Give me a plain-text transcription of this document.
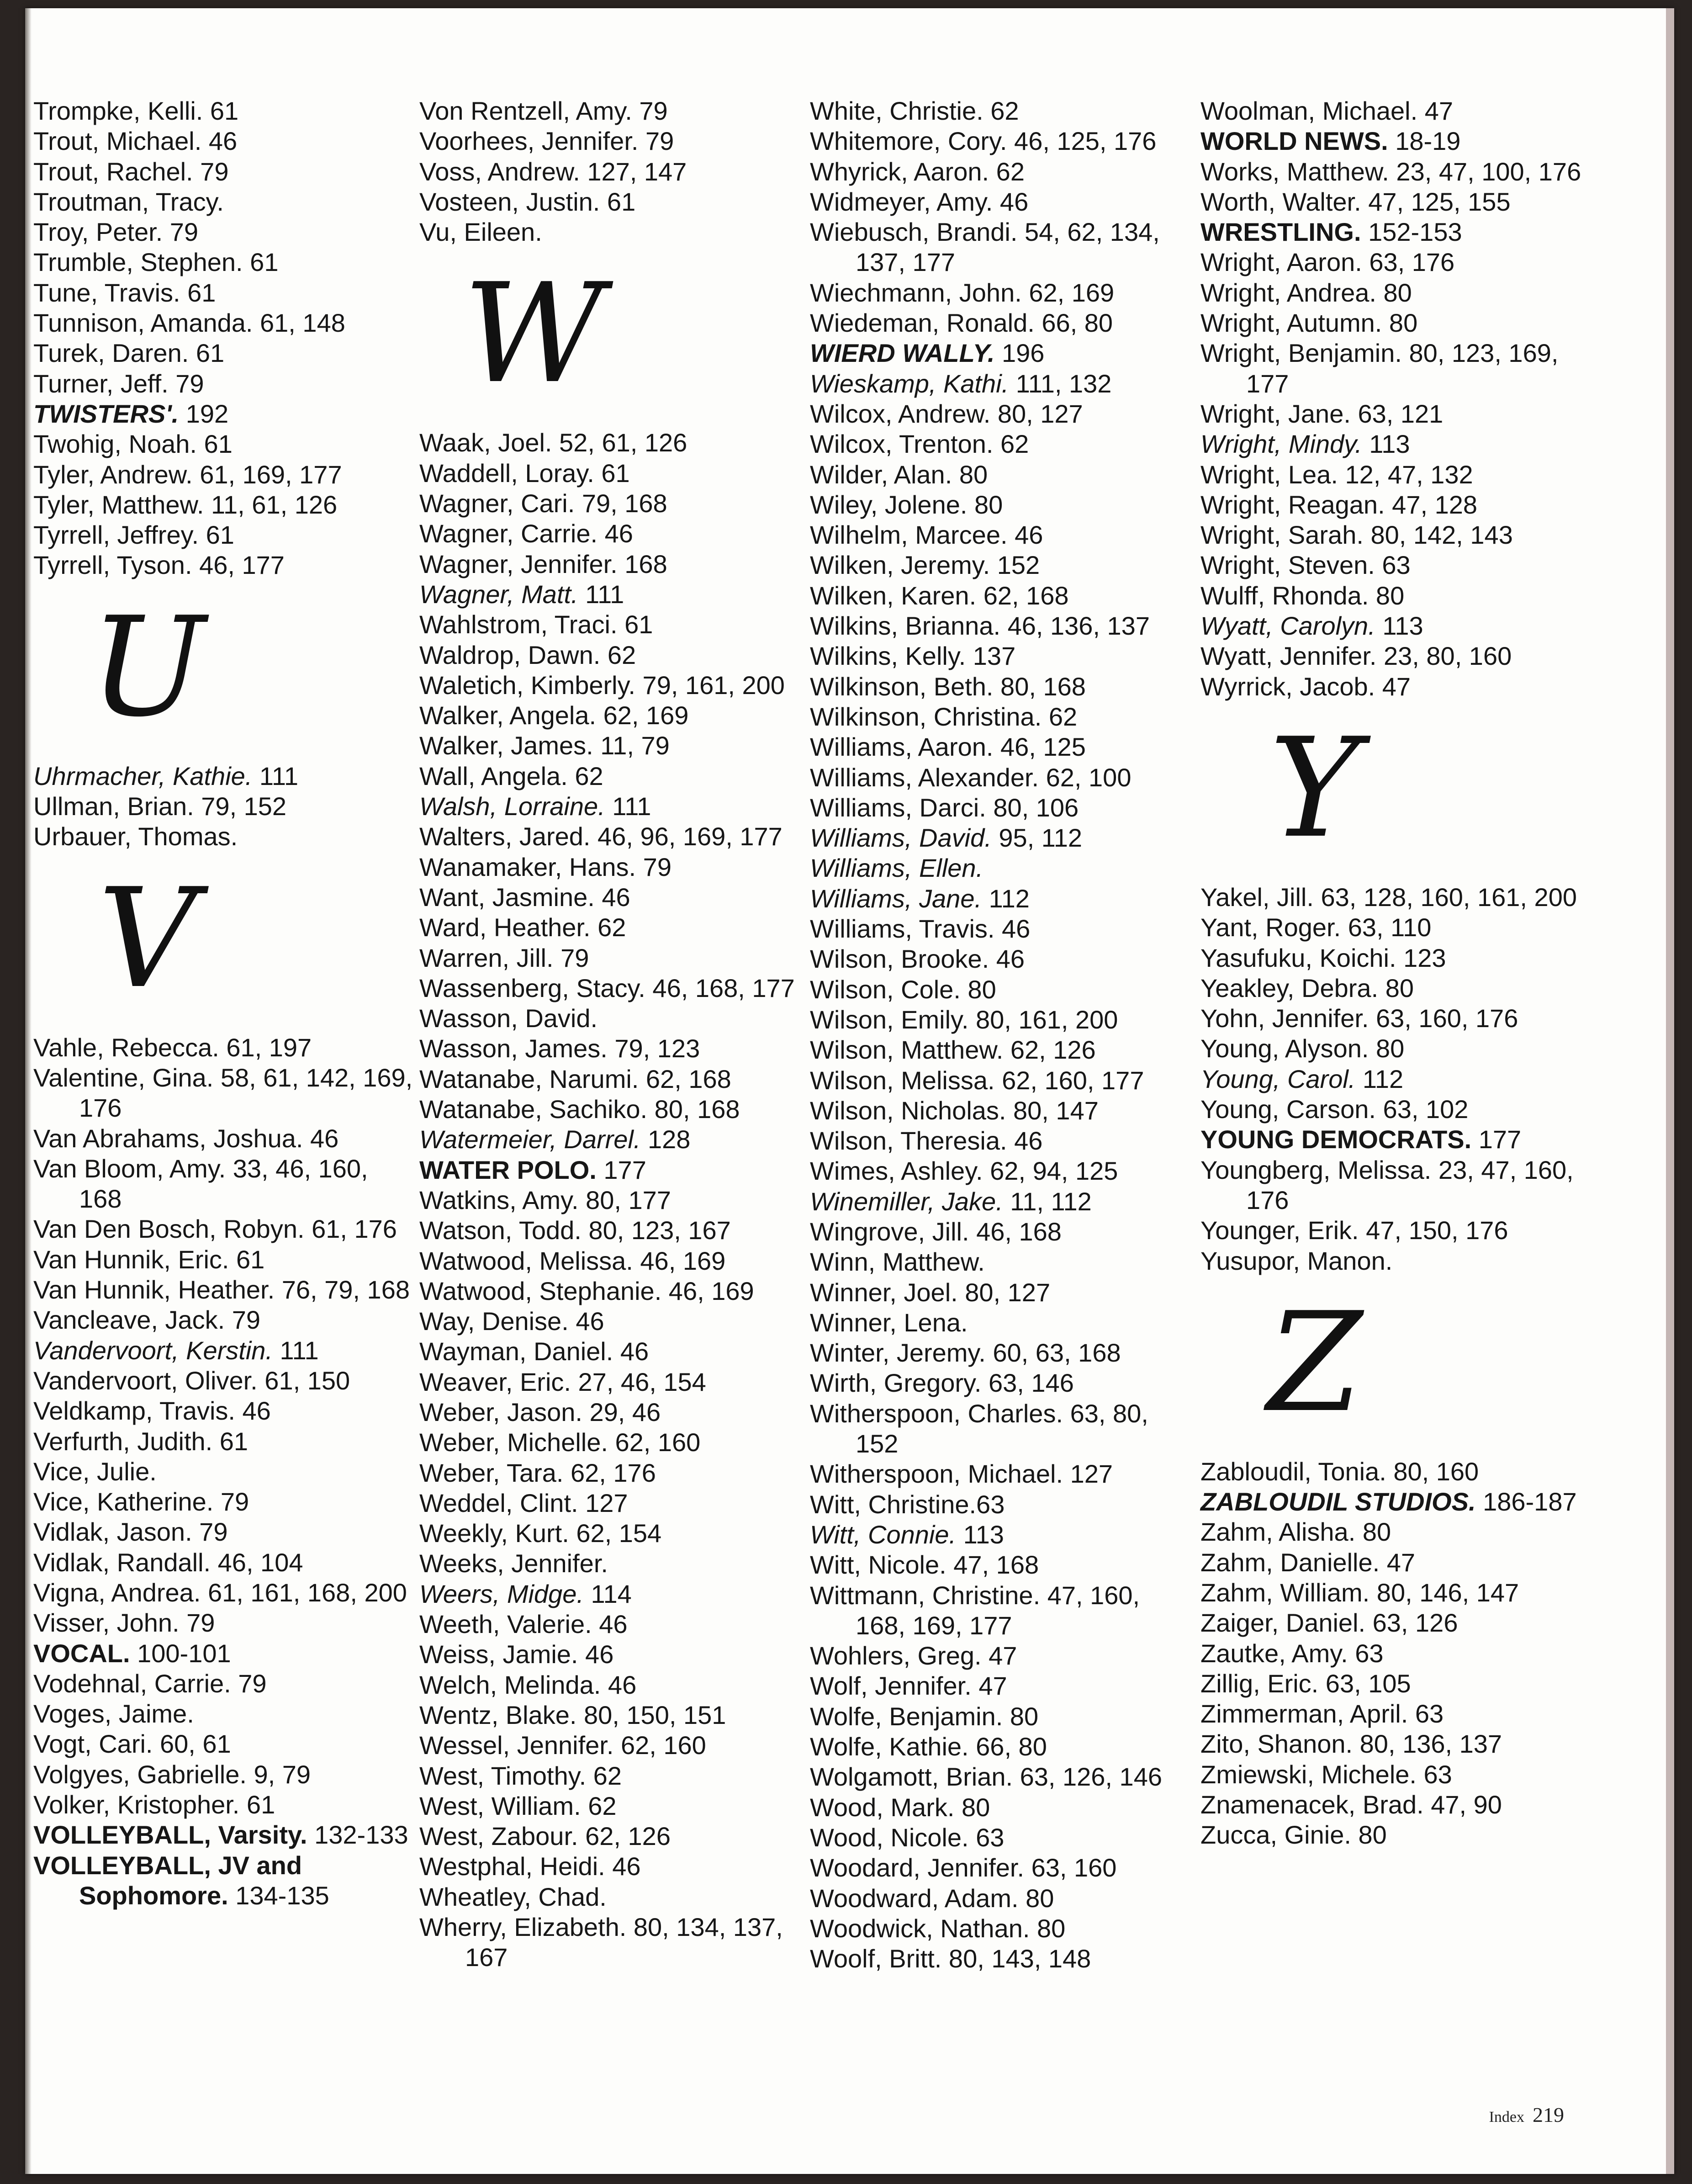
Trompke, Kelli. 61
Trout, Michael. 46
Trout, Rachel. 79
Troutman, Tracy.
Troy, Peter. 79
Trumble, Stephen. 61
Tune, Travis. 61
Tunnison, Amanda. 61, 148
Turek, Daren. 61
Turner, Jeff. 79
TWISTERS'. 192
Twohig, Noah. 61
Tyler, Andrew. 61, 169, 177
Tyler, Matthew. 11, 61, 126
Tyrrell, Jeffrey. 61
Tyrrell, Tyson. 46, 177
U
Uhrmacher, Kathie. 111
Ullman, Brian. 79, 152
Urbauer, Thomas.
V
Vahle, Rebecca. 61, 197
Valentine, Gina. 58, 61, 142, 169, 176
Van Abrahams, Joshua. 46
Van Bloom, Amy. 33, 46, 160, 168
Van Den Bosch, Robyn. 61, 176
Van Hunnik, Eric. 61
Van Hunnik, Heather. 76, 79, 168
Vancleave, Jack. 79
Vandervoort, Kerstin. 111
Vandervoort, Oliver. 61, 150
Veldkamp, Travis. 46
Verfurth, Judith. 61
Vice, Julie.
Vice, Katherine. 79
Vidlak, Jason. 79
Vidlak, Randall. 46, 104
Vigna, Andrea. 61, 161, 168, 200
Visser, John. 79
VOCAL. 100-101
Vodehnal, Carrie. 79
Voges, Jaime.
Vogt, Cari. 60, 61
Volgyes, Gabrielle. 9, 79
Volker, Kristopher. 61
VOLLEYBALL, Varsity. 132-133
VOLLEYBALL, JV and Sophomore. 134-135
Von Rentzell, Amy. 79
Voorhees, Jennifer. 79
Voss, Andrew. 127, 147
Vosteen, Justin. 61
Vu, Eileen.
W
Waak, Joel. 52, 61, 126
Waddell, Loray. 61
Wagner, Cari. 79, 168
Wagner, Carrie. 46
Wagner, Jennifer. 168
Wagner, Matt. 111
Wahlstrom, Traci. 61
Waldrop, Dawn. 62
Waletich, Kimberly. 79, 161, 200
Walker, Angela. 62, 169
Walker, James. 11, 79
Wall, Angela. 62
Walsh, Lorraine. 111
Walters, Jared. 46, 96, 169, 177
Wanamaker, Hans. 79
Want, Jasmine. 46
Ward, Heather. 62
Warren, Jill. 79
Wassenberg, Stacy. 46, 168, 177
Wasson, David.
Wasson, James. 79, 123
Watanabe, Narumi. 62, 168
Watanabe, Sachiko. 80, 168
Watermeier, Darrel. 128
WATER POLO. 177
Watkins, Amy. 80, 177
Watson, Todd. 80, 123, 167
Watwood, Melissa. 46, 169
Watwood, Stephanie. 46, 169
Way, Denise. 46
Wayman, Daniel. 46
Weaver, Eric. 27, 46, 154
Weber, Jason. 29, 46
Weber, Michelle. 62, 160
Weber, Tara. 62, 176
Weddel, Clint. 127
Weekly, Kurt. 62, 154
Weeks, Jennifer.
Weers, Midge. 114
Weeth, Valerie. 46
Weiss, Jamie. 46
Welch, Melinda. 46
Wentz, Blake. 80, 150, 151
Wessel, Jennifer. 62, 160
West, Timothy. 62
West, William. 62
West, Zabour. 62, 126
Westphal, Heidi. 46
Wheatley, Chad.
Wherry, Elizabeth. 80, 134, 137, 167
White, Christie. 62
Whitemore, Cory. 46, 125, 176
Whyrick, Aaron. 62
Widmeyer, Amy. 46
Wiebusch, Brandi. 54, 62, 134, 137, 177
Wiechmann, John. 62, 169
Wiedeman, Ronald. 66, 80
WIERD WALLY. 196
Wieskamp, Kathi. 111, 132
Wilcox, Andrew. 80, 127
Wilcox, Trenton. 62
Wilder, Alan. 80
Wiley, Jolene. 80
Wilhelm, Marcee. 46
Wilken, Jeremy. 152
Wilken, Karen. 62, 168
Wilkins, Brianna. 46, 136, 137
Wilkins, Kelly. 137
Wilkinson, Beth. 80, 168
Wilkinson, Christina. 62
Williams, Aaron. 46, 125
Williams, Alexander. 62, 100
Williams, Darci. 80, 106
Williams, David. 95, 112
Williams, Ellen.
Williams, Jane. 112
Williams, Travis. 46
Wilson, Brooke. 46
Wilson, Cole. 80
Wilson, Emily. 80, 161, 200
Wilson, Matthew. 62, 126
Wilson, Melissa. 62, 160, 177
Wilson, Nicholas. 80, 147
Wilson, Theresia. 46
Wimes, Ashley. 62, 94, 125
Winemiller, Jake. 11, 112
Wingrove, Jill. 46, 168
Winn, Matthew.
Winner, Joel. 80, 127
Winner, Lena.
Winter, Jeremy. 60, 63, 168
Wirth, Gregory. 63, 146
Witherspoon, Charles. 63, 80, 152
Witherspoon, Michael. 127
Witt, Christine.63
Witt, Connie. 113
Witt, Nicole. 47, 168
Wittmann, Christine. 47, 160, 168, 169, 177
Wohlers, Greg. 47
Wolf, Jennifer. 47
Wolfe, Benjamin. 80
Wolfe, Kathie. 66, 80
Wolgamott, Brian. 63, 126, 146
Wood, Mark. 80
Wood, Nicole. 63
Woodard, Jennifer. 63, 160
Woodward, Adam. 80
Woodwick, Nathan. 80
Woolf, Britt. 80, 143, 148
Woolman, Michael. 47
WORLD NEWS. 18-19
Works, Matthew. 23, 47, 100, 176
Worth, Walter. 47, 125, 155
WRESTLING. 152-153
Wright, Aaron. 63, 176
Wright, Andrea. 80
Wright, Autumn. 80
Wright, Benjamin. 80, 123, 169, 177
Wright, Jane. 63, 121
Wright, Mindy. 113
Wright, Lea. 12, 47, 132
Wright, Reagan. 47, 128
Wright, Sarah. 80, 142, 143
Wright, Steven. 63
Wulff, Rhonda. 80
Wyatt, Carolyn. 113
Wyatt, Jennifer. 23, 80, 160
Wyrrick, Jacob. 47
Y
Yakel, Jill. 63, 128, 160, 161, 200
Yant, Roger. 63, 110
Yasufuku, Koichi. 123
Yeakley, Debra. 80
Yohn, Jennifer. 63, 160, 176
Young, Alyson. 80
Young, Carol. 112
Young, Carson. 63, 102
YOUNG DEMOCRATS. 177
Youngberg, Melissa. 23, 47, 160, 176
Younger, Erik. 47, 150, 176
Yusupor, Manon.
Z
Zabloudil, Tonia. 80, 160
ZABLOUDIL STUDIOS. 186-187
Zahm, Alisha. 80
Zahm, Danielle. 47
Zahm, William. 80, 146, 147
Zaiger, Daniel. 63, 126
Zautke, Amy. 63
Zillig, Eric. 63, 105
Zimmerman, April. 63
Zito, Shanon. 80, 136, 137
Zmiewski, Michele. 63
Znamenacek, Brad. 47, 90
Zucca, Ginie. 80
Index 219
